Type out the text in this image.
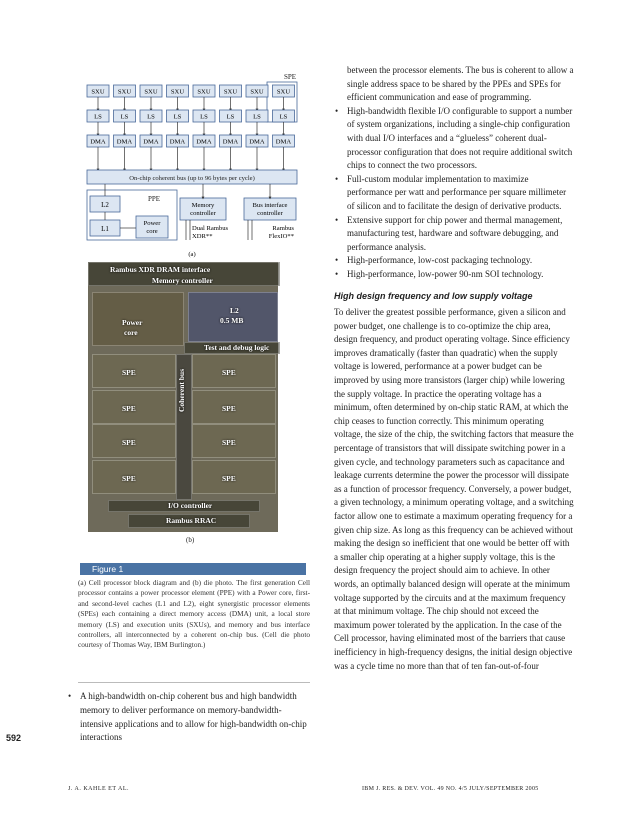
SPE
SXU SXU SXU SXU SXU SXU SXU SXU
LS	LS	LS	LS	LS	LS	LS	LS
DMA DMA DMA DMA DMA DMA DMA DMA
On-chip coherent bus (up to 96 bytes per cycle)
PPE
L2
L1
Power
core
Memory
controller
Bus interface
controller
Dual Rambus
XDR**
Rambus
FlexIO**
(a)
Rambus XDR DRAM interface
Memory controller
L2
0.5 MB
Power
core
Test and debug logic
Coherent bus
SPE	SPE
SPE	SPE
SPE	SPE
SPE	SPE
I/O controller
Rambus RRAC
(b)
Figure 1
(a) Cell processor block diagram and (b) die photo. The first generation Cell processor contains a power processor element (PPE) with a Power core, first- and second-level caches (L1 and L2), eight synergistic processor elements (SPEs) each containing a direct memory access (DMA) unit, a local store memory (LS) and execution units (SXUs), and memory and bus interface controllers, all interconnected by a coherent on-chip bus. (Cell die photo courtesy of Thomas Way, IBM Burlington.)
• A high-bandwidth on-chip coherent bus and high bandwidth memory to deliver performance on memory-bandwidth-intensive applications and to allow for high-bandwidth on-chip interactions
592

between the processor elements. The bus is coherent to allow a single address space to be shared by the PPEs and SPEs for efficient communication and ease of programming.

• High-bandwidth flexible I/O configurable to support a number of system organizations, including a single-chip configuration with dual I/O interfaces and a “glueless” coherent dual-processor configuration that does not require additional switch chips to connect the two processors.
• Full-custom modular implementation to maximize performance per watt and performance per square millimeter of silicon and to facilitate the design of derivative products.
• Extensive support for chip power and thermal management, manufacturing test, hardware and software debugging, and performance analysis.
• High-performance, low-cost packaging technology.
• High-performance, low-power 90-nm SOI technology.
High design frequency and low supply voltage

To deliver the greatest possible performance, given a silicon and power budget, one challenge is to co-optimize the chip area, design frequency, and product operating voltage. Since efficiency improves dramatically (faster than quadratic) when the supply voltage is lowered, performance at a power budget can be improved by using more transistors (larger chip) while lowering the supply voltage. In practice the operating voltage has a minimum, often determined by on-chip static RAM, at which the chip ceases to function correctly. This minimum operating voltage, the size of the chip, the switching factors that measure the percentage of transistors that will dissipate switching power in a given cycle, and technology parameters such as capacitance and leakage currents determine the power the processor will dissipate as a function of processor frequency. Conversely, a power budget, a given technology, a minimum operating voltage, and a switching factor allow one to estimate a maximum operating frequency for a given chip size. As long as this frequency can be achieved without making the design so inefficient that one would be better off with a smaller chip operating at a higher supply voltage, this is the design frequency the project should aim to achieve. In other words, an optimally balanced design will operate at the minimum voltage supported by the circuits and at the maximum frequency at that minimum voltage. The chip should not exceed the maximum power tolerated by the application. In the case of the Cell processor, having eliminated most of the barriers that cause inefficiency in high-frequency designs, the initial design objective was a cycle time no more than that of ten fan-out-of-four

J. A. KAHLE ET AL.	IBM J. RES. & DEV. VOL. 49 NO. 4/5 JULY/SEPTEMBER 2005
